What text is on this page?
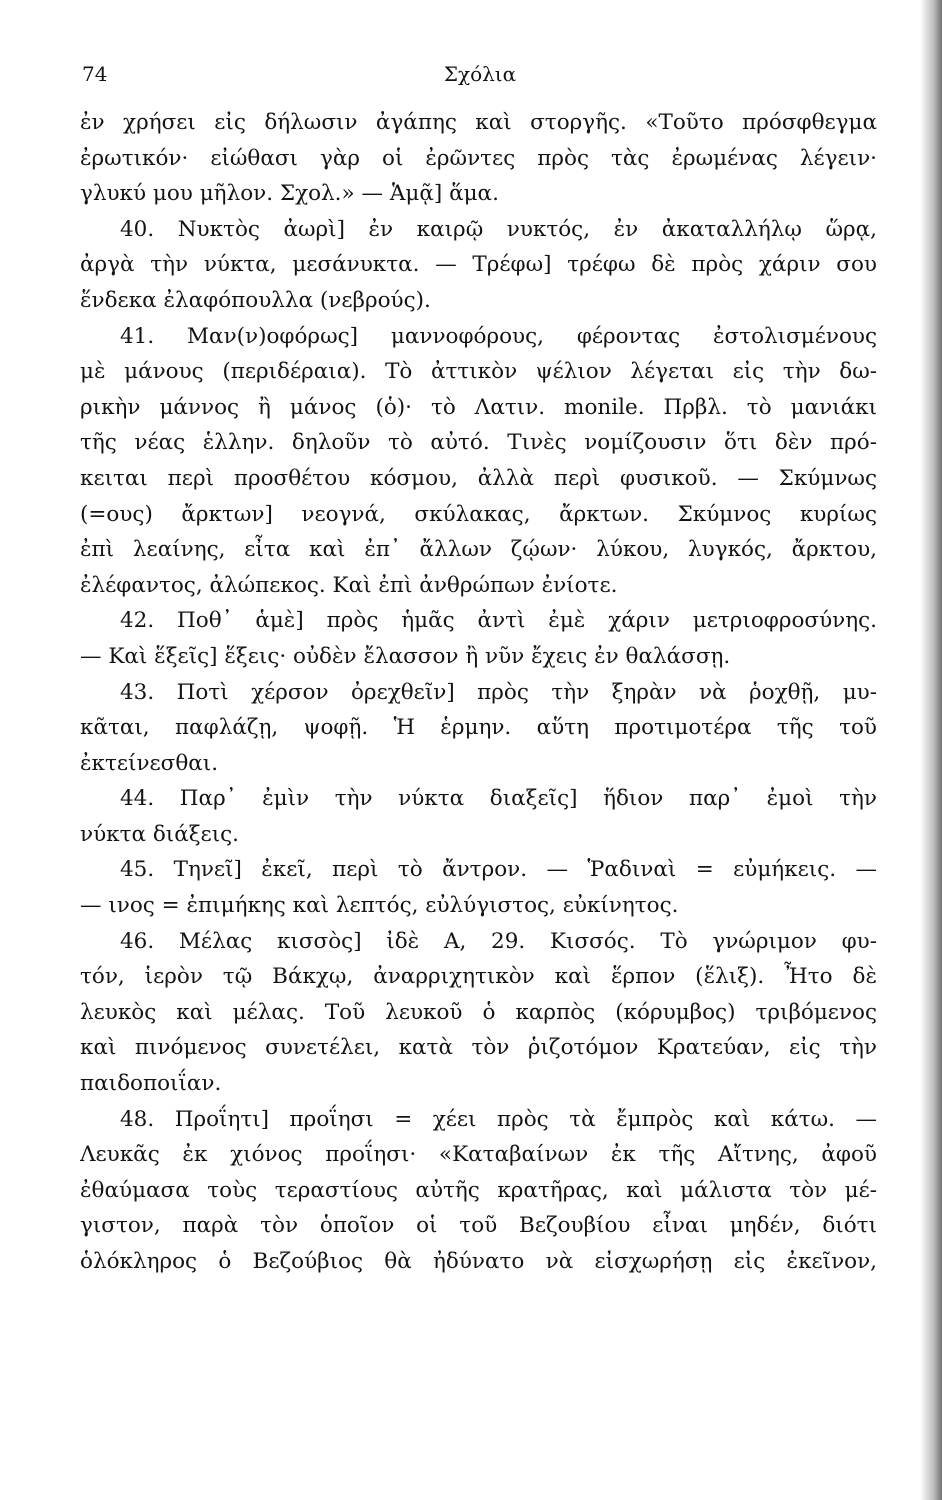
74	Σχόλια
ἐν χρήσει εἰς δήλωσιν ἀγάπης καὶ στοργῆς. «Τοῦτο πρόσφθεγμα
ἐρωτικόν· εἰώθασι γὰρ οἱ ἐρῶντες πρὸς τὰς ἐρωμένας λέγειν·
γλυκύ μου μῆλον. Σχολ.» — Ἁμᾷ] ἅμα.
40. Νυκτὸς ἀωρὶ] ἐν καιρῷ νυκτός, ἐν ἀκαταλλήλῳ ὥρᾳ,
ἀργὰ τὴν νύκτα, μεσάνυκτα. — Τρέφω] τρέφω δὲ πρὸς χάριν σου
ἕνδεκα ἐλαφόπουλλα (νεβρούς).
41. Μαν(ν)οφόρως] μαννοφόρους, φέροντας ἐστολισμένους
μὲ μάνους (περιδέραια). Τὸ ἀττικὸν ψέλιον λέγεται εἰς τὴν δω-
ρικὴν μάννος ἢ μάνος (ὁ)· τὸ Λατιν. monile. Πρβλ. τὸ μανιάκι
τῆς νέας ἑλλην. δηλοῦν τὸ αὐτό. Τινὲς νομίζουσιν ὅτι δὲν πρό-
κειται περὶ προσθέτου κόσμου, ἀλλὰ περὶ φυσικοῦ. — Σκύμνως
(=ους) ἄρκτων] νεογνά, σκύλακας, ἄρκτων. Σκύμνος κυρίως
ἐπὶ λεαίνης, εἶτα καὶ ἐπ᾽ ἄλλων ζῴων· λύκου, λυγκός, ἄρκτου,
ἐλέφαντος, ἀλώπεκος. Καὶ ἐπὶ ἀνθρώπων ἐνίοτε.
42. Ποθ᾽ ἁμὲ] πρὸς ἡμᾶς ἀντὶ ἐμὲ χάριν μετριοφροσύνης.
— Καὶ ἕξεῖς] ἕξεις· οὐδὲν ἔλασσον ἢ νῦν ἔχεις ἐν θαλάσσῃ.
43. Ποτὶ χέρσον ὀρεχθεῖν] πρὸς τὴν ξηρὰν νὰ ῥοχθῇ, μυ-
κᾶται, παφλάζῃ, ψοφῇ. Ἡ ἑρμην. αὕτη προτιμοτέρα τῆς τοῦ
ἐκτείνεσθαι.
44. Παρ᾽ ἐμὶν τὴν νύκτα διαξεῖς] ἥδιον παρ᾽ ἐμοὶ τὴν
νύκτα διάξεις.
45. Τηνεῖ] ἐκεῖ, περὶ τὸ ἄντρον. — Ῥαδιναὶ = εὐμήκεις. —
— ινος = ἐπιμήκης καὶ λεπτός, εὐλύγιστος, εὐκίνητος.
46. Μέλας κισσὸς] ἰδὲ Α, 29. Κισσός. Τὸ γνώριμον φυ-
τόν, ἱερὸν τῷ Βάκχῳ, ἀναρριχητικὸν καὶ ἕρπον (ἕλιξ). Ἦτο δὲ
λευκὸς καὶ μέλας. Τοῦ λευκοῦ ὁ καρπὸς (κόρυμβος) τριβόμενος
καὶ πινόμενος συνετέλει, κατὰ τὸν ῥιζοτόμον Κρατεύαν, εἰς τὴν
παιδοποιΐαν.
48. Προΐητι] προΐησι = χέει πρὸς τὰ ἔμπρὸς καὶ κάτω. —
Λευκᾶς ἐκ χιόνος προΐησι· «Καταβαίνων ἐκ τῆς Αἴτνης, ἀφοῦ
ἐθαύμασα τοὺς τεραστίους αὐτῆς κρατῆρας, καὶ μάλιστα τὸν μέ-
γιστον, παρὰ τὸν ὁποῖον οἱ τοῦ Βεζουβίου εἶναι μηδέν, διότι
ὁλόκληρος ὁ Βεζούβιος θὰ ἠδύνατο νὰ εἰσχωρήσῃ εἰς ἐκεῖνον,
